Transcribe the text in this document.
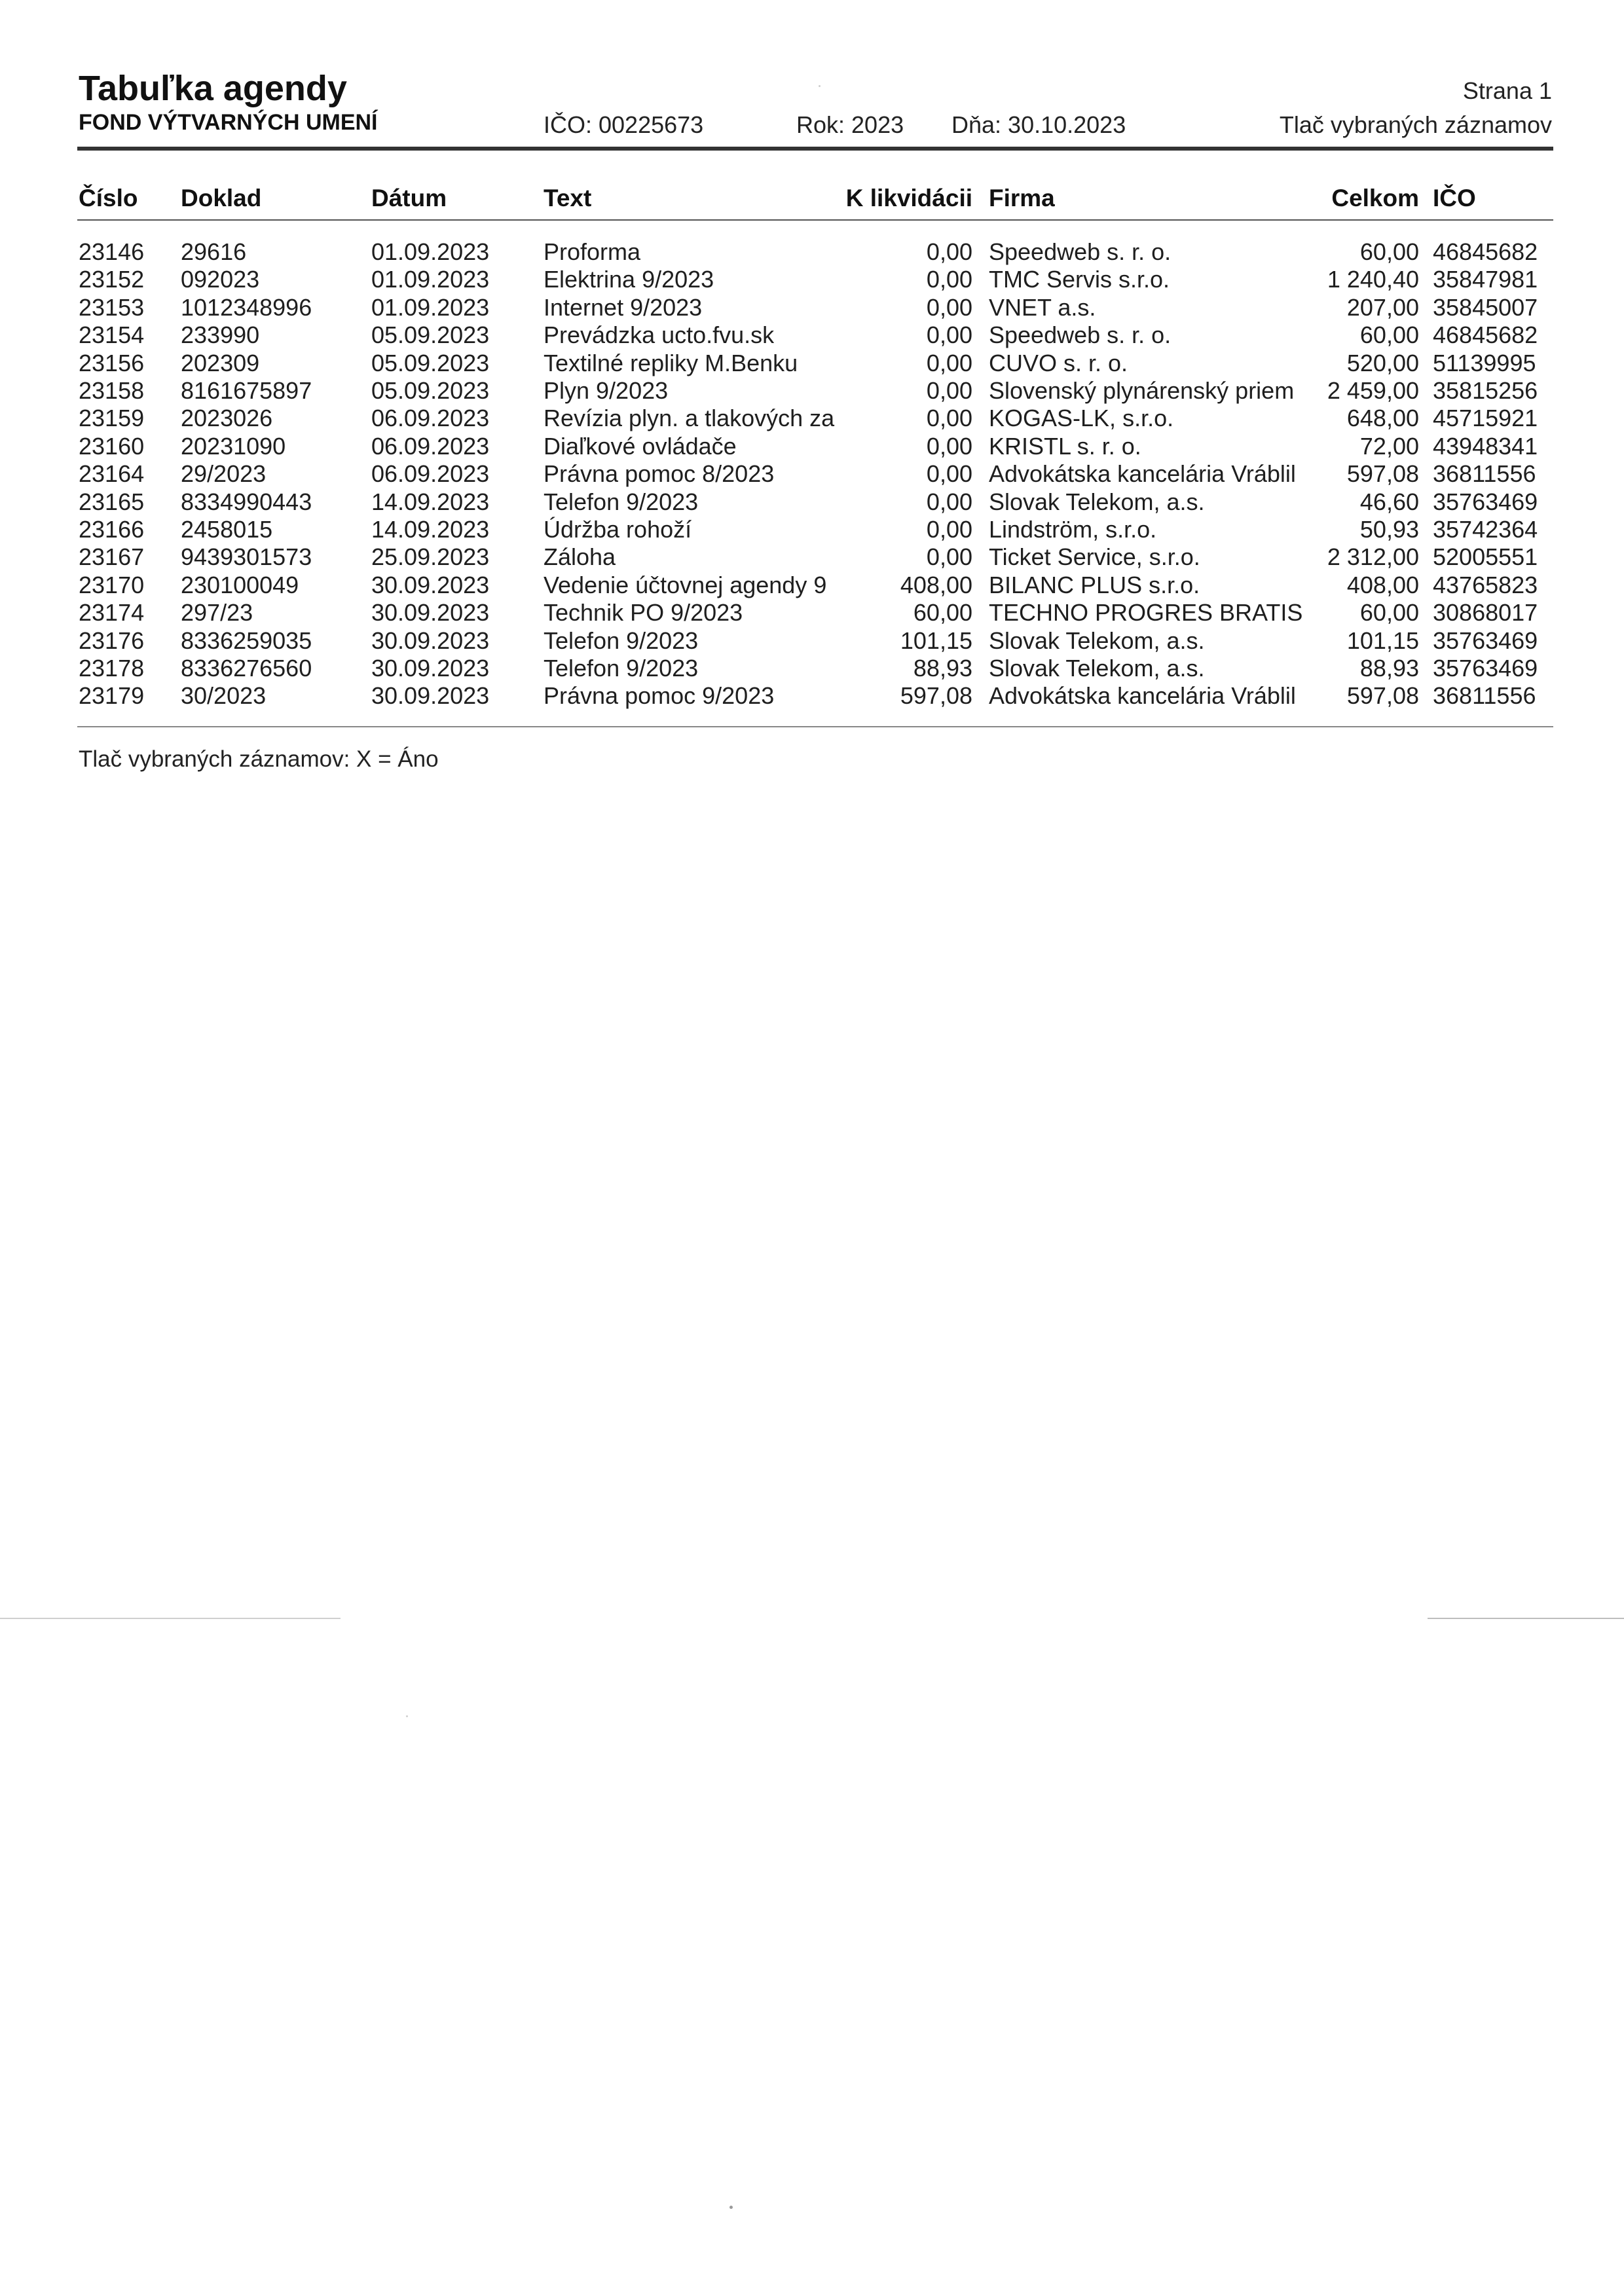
Tabuľka agendy
FOND VÝTVARNÝCH UMENÍ	IČO: 00225673	Rok: 2023 Dňa: 30.10.2023
Strana 1
Tlač vybraných záznamov
Číslo	Doklad	Dátum	Text	K likvidácii Firma	Celkom IČO
23146	29616	01.09.2023	Proforma	0,00 Speedweb s. r. o.	60,00 46845682
23152	092023	01.09.2023	Elektrina 9/2023	0,00 TMC Servis s.r.o.	1 240,40 35847981
23153	1012348996	01.09.2023	Internet 9/2023	0,00 VNET a.s.	207,00 35845007
23154	233990	05.09.2023	Prevádzka ucto.fvu.sk	0,00 Speedweb s. r. o.	60,00 46845682
23156	202309	05.09.2023	Textilné repliky M.Benku	0,00 CUVO s. r. o.	520,00 51139995
23158	8161675897	05.09.2023	Plyn 9/2023	0,00 Slovenský plynárenský priem	2 459,00 35815256
23159	2023026	06.09.2023	Revízia plyn. a tlakových za	0,00 KOGAS-LK, s.r.o.	648,00 45715921
23160	20231090	06.09.2023	Diaľkové ovládače	0,00 KRISTL s. r. o.	72,00 43948341
23164	29/2023	06.09.2023	Právna pomoc 8/2023	0,00 Advokátska kancelária Vráblil	597,08 36811556
23165	8334990443	14.09.2023	Telefon 9/2023	0,00 Slovak Telekom, a.s.	46,60 35763469
23166	2458015	14.09.2023	Údržba rohoží	0,00 Lindström, s.r.o.	50,93 35742364
23167	9439301573	25.09.2023	Záloha	0,00 Ticket Service, s.r.o.	2 312,00 52005551
23170	230100049	30.09.2023	Vedenie účtovnej agendy 9	408,00 BILANC PLUS s.r.o.	408,00 43765823
23174	297/23	30.09.2023	Technik PO 9/2023	60,00 TECHNO PROGRES BRATIS	60,00 30868017
23176	8336259035	30.09.2023	Telefon 9/2023	101,15 Slovak Telekom, a.s.	101,15 35763469
23178	8336276560	30.09.2023	Telefon 9/2023	88,93 Slovak Telekom, a.s.	88,93 35763469
23179	30/2023	30.09.2023	Právna pomoc 9/2023	597,08 Advokátska kancelária Vráblil	597,08 36811556
Tlač vybraných záznamov: X = Áno
